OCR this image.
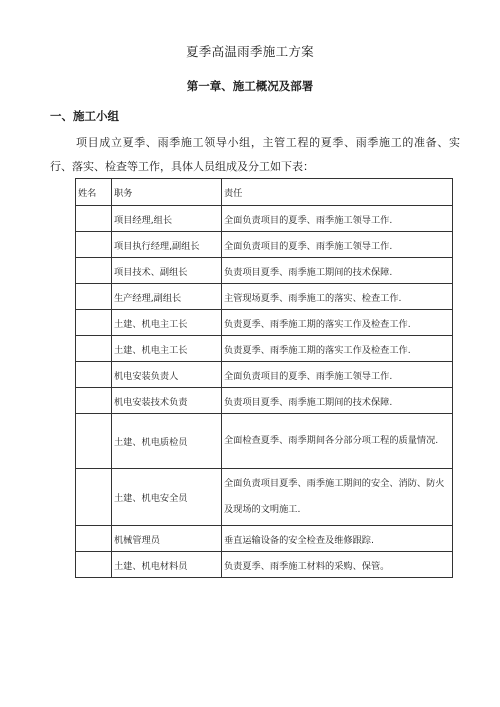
夏季高温雨季施工方案
第一章、施工概况及部署
一、施工小组
项目成立夏季、雨季施工领导小组，主管工程的夏季、雨季施工的准备、实行、落实、检查等工作，具体人员组成及分工如下表：
姓名	职务	责任
	项目经理,组长	全面负责项目的夏季、雨季施工领导工作.
	项目执行经理,副组长	全面负责项目的夏季、雨季施工领导工作.
	项目技术、副组长	负责项目夏季、雨季施工期间的技术保障.
	生产经理,副组长	主管现场夏季、雨季施工的落实、检查工作.
	土建、机电主工长	负责夏季、雨季施工期的落实工作及检查工作.
	土建、机电主工长	负责夏季、雨季施工期的落实工作及检查工作.
	机电安装负责人	全面负责项目的夏季、雨季施工领导工作.
	机电安装技术负责	负责项目夏季、雨季施工期间的技术保障.
	土建、机电质检员	全面检查夏季、雨季期间各分部分项工程的质量情况.
	土建、机电安全员	全面负责项目夏季、雨季施工期间的安全、消防、防火及现场的文明施工.
	机械管理员	垂直运输设备的安全检查及维修跟踪.
	土建、机电材料员	负责夏季、雨季施工材料的采购、保管。
